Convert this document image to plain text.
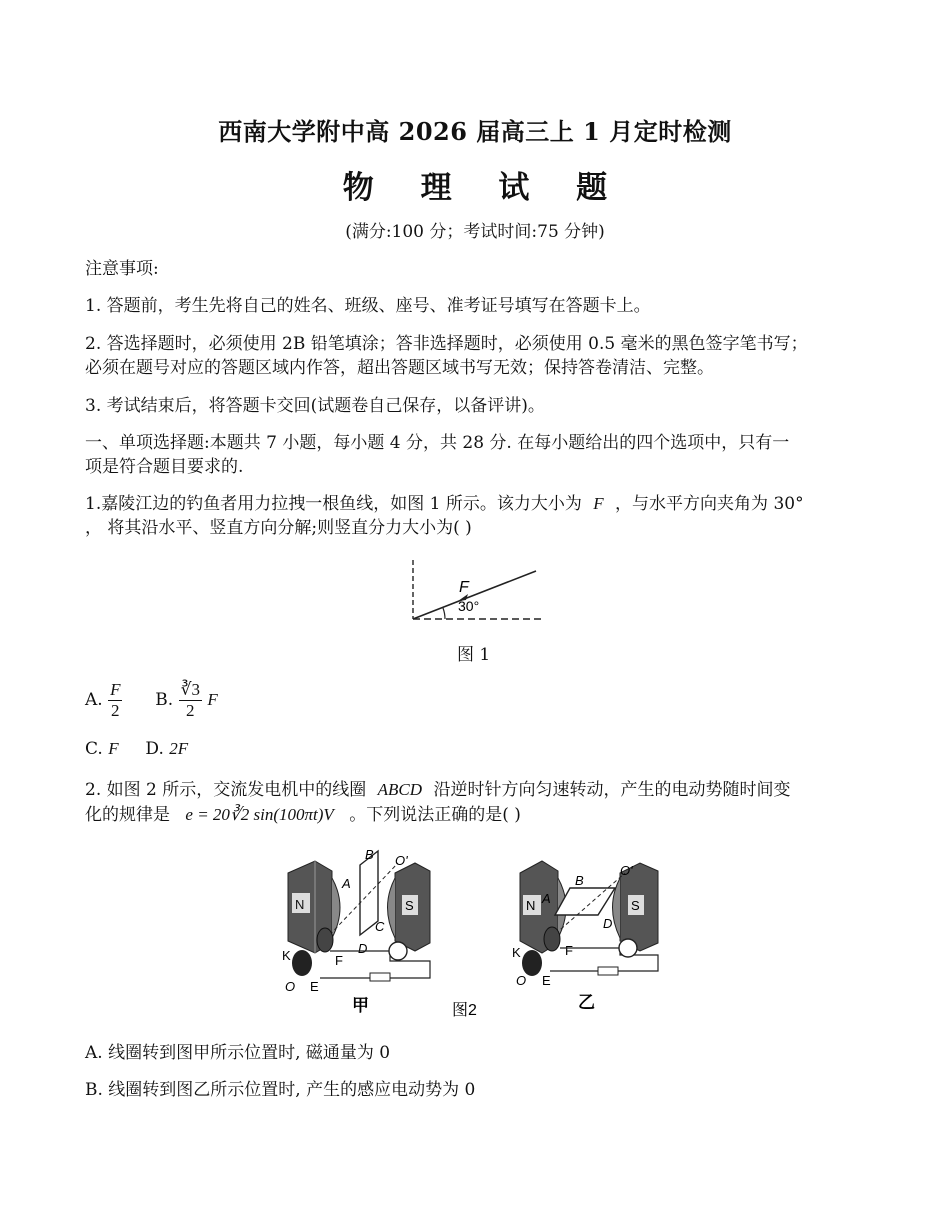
西南大学附中高 2026 届高三上 1 月定时检测
物 理 试 题
(满分:100 分；考试时间:75 分钟)

注意事项:

1. 答题前，考生先将自己的姓名、班级、座号、准考证号填写在答题卡上。

2. 答选择题时，必须使用 2B 铅笔填涂；答非选择题时，必须使用 0.5 毫米的黑色签字笔书写；

必须在题号对应的答题区域内作答，超出答题区域书写无效；保持答卷清洁、完整。

3. 考试结束后，将答题卡交回(试题卷自己保存，以备评讲)。

一、单项选择题:本题共 7 小题，每小题 4 分，共 28 分. 在每小题给出的四个选项中，只有一

项是符合题目要求的.

1.嘉陵江边的钓鱼者用力拉拽一根鱼线，如图 1 所示。该力大小为 F ，与水平方向夹角为 30°

， 将其沿水平、竖直方向分解;则竖直分力大小为( )

F
30°
图 1
A. $\frac{F}{2} B$. $\frac{∛3}{2}$ F
C. F D. 2F

2. 如图 2 所示，交流发电机中的线圈 ABCD 沿逆时针方向匀速转动，产生的电动势随时间变

化的规律是 e = 20∛2 sin(100πt)V 。下列说法正确的是( )

N	S
A
B
C
D
O'
K
O E
F
甲	图2
N	S
A
B
D
O'
K
O E
F
乙

A. 线圈转到图甲所示位置时, 磁通量为 0

B. 线圈转到图乙所示位置时, 产生的感应电动势为 0
